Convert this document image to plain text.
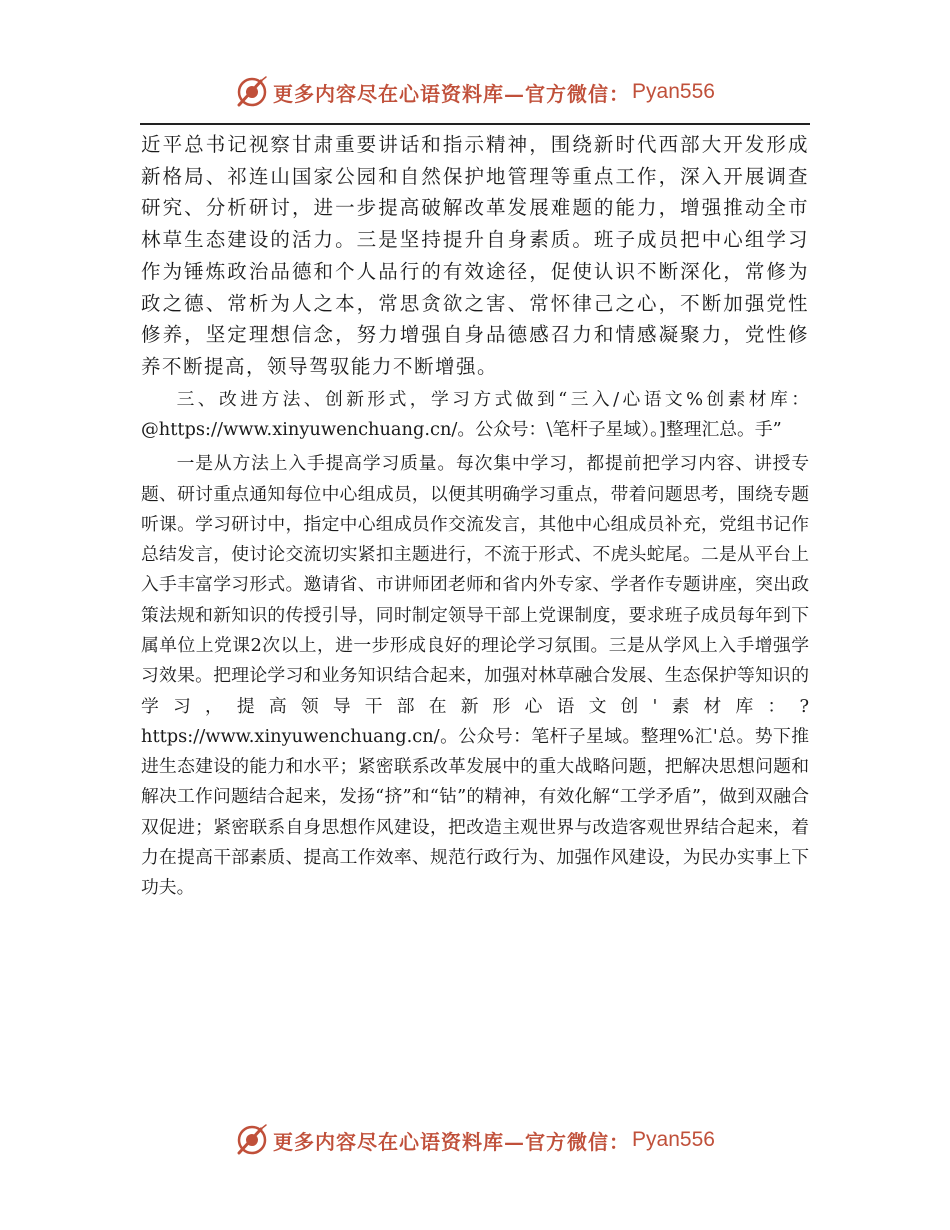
更多内容尽在心语资料库—官方微信： Pyan556

近平总书记视察甘肃重要讲话和指示精神，围绕新时代西部大开发形成新格局、祁连山国家公园和自然保护地管理等重点工作，深入开展调查研究、分析研讨，进一步提高破解改革发展难题的能力，增强推动全市林草生态建设的活力。三是坚持提升自身素质。班子成员把中心组学习作为锤炼政治品德和个人品行的有效途径，促使认识不断深化，常修为政之德、常析为人之本，常思贪欲之害、常怀律己之心，不断加强党性修养，坚定理想信念，努力增强自身品德感召力和情感凝聚力，党性修养不断提高，领导驾驭能力不断增强。

三、改进方法、创新形式，学习方式做到“三入/心语文%创素材库：@https://www.xinyuwenchuang.cn/。公众号：\笔杆子星域）。]整理汇总。手”

一是从方法上入手提高学习质量。每次集中学习，都提前把学习内容、讲授专题、研讨重点通知每位中心组成员，以便其明确学习重点，带着问题思考，围绕专题听课。学习研讨中，指定中心组成员作交流发言，其他中心组成员补充，党组书记作总结发言，使讨论交流切实紧扣主题进行，不流于形式、不虎头蛇尾。二是从平台上入手丰富学习形式。邀请省、市讲师团老师和省内外专家、学者作专题讲座，突出政策法规和新知识的传授引导，同时制定领导干部上党课制度，要求班子成员每年到下属单位上党课2次以上，进一步形成良好的理论学习氛围。三是从学风上入手增强学习效果。把理论学习和业务知识结合起来，加强对林草融合发展、生态保护等知识的学习，提高领导干部在新形心语文创'素材库：?https://www.xinyuwenchuang.cn/。公众号：笔杆子星域。整理%汇'总。势下推进生态建设的能力和水平；紧密联系改革发展中的重大战略问题，把解决思想问题和解决工作问题结合起来，发扬“挤”和“钻”的精神，有效化解“工学矛盾”，做到双融合双促进；紧密联系自身思想作风建设，把改造主观世界与改造客观世界结合起来，着力在提高干部素质、提高工作效率、规范行政行为、加强作风建设，为民办实事上下功夫。

更多内容尽在心语资料库—官方微信： Pyan556
